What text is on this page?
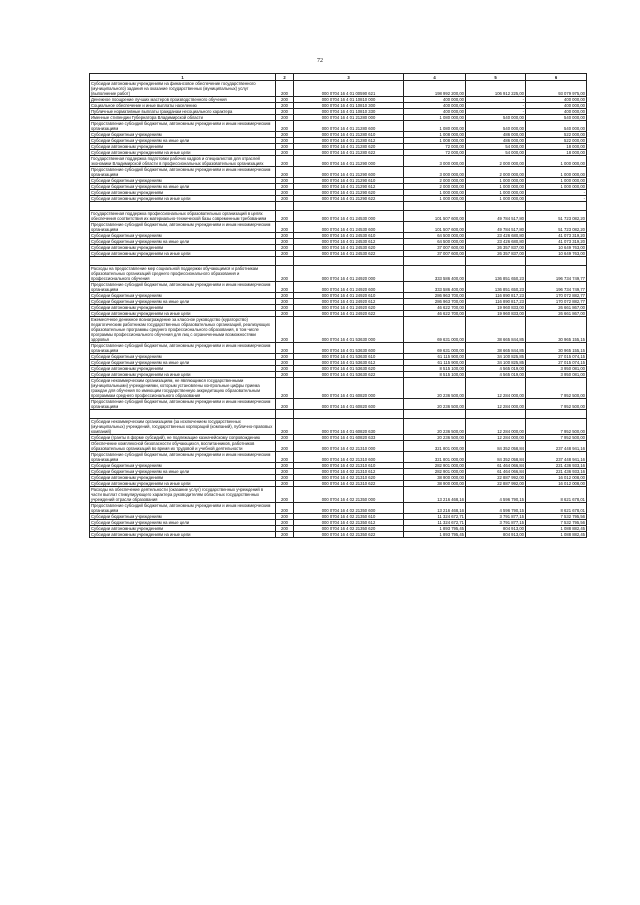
72
1	2	3	4	5	6
Субсидии автономным учреждениям на финансовое обеспечение государственного (муниципального) задания на оказание государственных (муниципальных) услуг (выполнение работ)	200	000 0704 16 4 01 00590 621	198 992 200,00	106 912 225,00	93 079 975,00
Денежное поощрение лучших мастеров производственного обучения	200	000 0704 16 4 01 10810 000	400 000,00	-	400 000,00
Социальное обеспечение и иные выплаты населению	200	000 0704 16 4 01 10810 300	400 000,00	-	400 000,00
Публичные нормативные выплаты гражданам несоциального характера	200	000 0704 16 4 01 10810 330	400 000,00	-	400 000,00
Именные стипендии Губернатора Владимирской области	200	000 0704 16 4 01 21280 000	1 080 000,00	540 000,00	540 000,00
Предоставление субсидий бюджетным, автономным учреждениям и иным некоммерческим организациям	200	000 0704 16 4 01 21280 600	1 080 000,00	540 000,00	540 000,00
Субсидии бюджетным учреждениям	200	000 0704 16 4 01 21280 610	1 008 000,00	486 000,00	522 000,00
Субсидии бюджетным учреждениям на иные цели	200	000 0704 16 4 01 21280 612	1 008 000,00	486 000,00	522 000,00
Субсидии автономным учреждениям	200	000 0704 16 4 01 21280 620	72 000,00	54 000,00	18 000,00
Субсидии автономным учреждениям на иные цели	200	000 0704 16 4 01 21280 622	72 000,00	54 000,00	18 000,00
Государственная поддержка подготовки рабочих кадров и специалистов для отраслей экономики Владимирской области в профессиональных образовательных организациях	200	000 0704 16 4 01 21290 000	3 000 000,00	2 000 000,00	1 000 000,00
Предоставление субсидий бюджетным, автономным учреждениям и иным некоммерческим организациям	200	000 0704 16 4 01 21290 600	3 000 000,00	2 000 000,00	1 000 000,00
Субсидии бюджетным учреждениям	200	000 0704 16 4 01 21290 610	2 000 000,00	1 000 000,00	1 000 000,00
Субсидии бюджетным учреждениям на иные цели	200	000 0704 16 4 01 21290 612	2 000 000,00	1 000 000,00	1 000 000,00
Субсидии автономным учреждениям	200	000 0704 16 4 01 21290 620	1 000 000,00	1 000 000,00	-
Субсидии автономным учреждениям на иные цели	200	000 0704 16 4 01 21290 622	1 000 000,00	1 000 000,00	-

Государственная поддержка профессиональных образовательных организаций в целях обеспечения соответствия их материально-технической базы современным требованиям	200	000 0704 16 4 01 24530 000	101 507 600,00	49 784 517,80	51 723 082,20
Предоставление субсидий бюджетным, автономным учреждениям и иным некоммерческим организациям	200	000 0704 16 4 01 24530 600	101 507 600,00	49 784 517,80	51 723 082,20
Субсидии бюджетным учреждениям	200	000 0704 16 4 01 24530 610	64 500 000,00	23 426 680,80	41 073 319,20
Субсидии бюджетным учреждениям на иные цели	200	000 0704 16 4 01 24530 612	64 500 000,00	23 426 680,80	41 073 319,20
Субсидии автономным учреждениям	200	000 0704 16 4 01 24530 620	37 007 600,00	26 357 837,00	10 649 763,00
Субсидии автономным учреждениям на иные цели	200	000 0704 16 4 01 24530 622	37 007 600,00	26 357 837,00	10 649 763,00

Расходы на предоставление мер социальной поддержки обучающимся и работникам образовательных организаций среднего профессионального образования и профессионального обучения	200	000 0704 16 4 01 24920 000	333 586 400,00	136 851 650,23	196 734 749,77
Предоставление субсидий бюджетным, автономным учреждениям и иным некоммерческим организациям	200	000 0704 16 4 01 24920 600	333 586 400,00	136 851 650,23	196 734 749,77
Субсидии бюджетным учреждениям	200	000 0704 16 4 01 24920 610	286 963 700,00	116 890 817,23	170 072 882,77
Субсидии бюджетным учреждениям на иные цели	200	000 0704 16 4 01 24920 612	286 963 700,00	116 890 817,23	170 072 882,77
Субсидии автономным учреждениям	200	000 0704 16 4 01 24920 620	46 622 700,00	19 960 833,00	26 661 867,00
Субсидии автономным учреждениям на иные цели	200	000 0704 16 4 01 24920 622	46 622 700,00	19 960 833,00	26 661 867,00
Ежемесячное денежное вознаграждение за классное руководство (кураторство) педагогическим работникам государственных образовательных организаций, реализующих образовательные программы среднего профессионального образования, в том числе программы профессионального обучения для лиц с ограниченными возможностями здоровья	200	000 0704 16 4 01 53630 000	69 631 000,00	38 665 844,85	30 965 155,15
Предоставление субсидий бюджетным, автономным учреждениям и иным некоммерческим организациям	200	000 0704 16 4 01 53630 600	69 631 000,00	38 665 844,85	30 965 155,15
Субсидии бюджетным учреждениям	200	000 0704 16 4 01 53630 610	61 115 900,00	34 100 825,85	27 015 074,15
Субсидии бюджетным учреждениям на иные цели	200	000 0704 16 4 01 53630 612	61 115 900,00	34 100 825,85	27 015 074,15
Субсидии автономным учреждениям	200	000 0704 16 4 01 53630 620	8 515 100,00	4 565 019,00	3 950 081,00
Субсидии автономным учреждениям на иные цели	200	000 0704 16 4 01 53630 622	8 515 100,00	4 565 019,00	3 950 081,00
Субсидии некоммерческим организациям, не являющимся государственными (муниципальными) учреждениями, которым установлены контрольные цифры приема граждан для обучения по имеющим государственную аккредитацию образовательным программам среднего профессионального образования	200	000 0704 16 4 01 60820 000	20 236 500,00	12 284 000,00	7 952 500,00
Предоставление субсидий бюджетным, автономным учреждениям и иным некоммерческим организациям	200	000 0704 16 4 01 60820 600	20 236 500,00	12 284 000,00	7 952 500,00

Субсидии некоммерческим организациям (за исключением государственных (муниципальных) учреждений, государственных корпораций (компаний), публично-правовых компаний)	200	000 0704 16 4 01 60820 630	20 236 500,00	12 284 000,00	7 952 500,00
Субсидии (гранты в форме субсидий), не подлежащие казначейскому сопровождению	200	000 0704 16 4 01 60820 633	20 236 500,00	12 284 000,00	7 952 500,00
Обеспечение комплексной безопасности обучающихся, воспитанников, работников образовательных организаций во время их трудовой и учебной деятельности	200	000 0704 16 4 02 21310 000	321 801 000,00	84 352 058,84	237 448 941,16
Предоставление субсидий бюджетным, автономным учреждениям и иным некоммерческим организациям	200	000 0704 16 4 02 21310 600	321 801 000,00	84 352 058,84	237 448 941,16
Субсидии бюджетным учреждениям	200	000 0704 16 4 02 21310 610	282 901 000,00	61 464 066,84	221 436 933,16
Субсидии бюджетным учреждениям на иные цели	200	000 0704 16 4 02 21310 612	282 901 000,00	61 464 066,84	221 436 933,16
Субсидии автономным учреждениям	200	000 0704 16 4 02 21310 620	38 900 000,00	22 887 992,00	16 012 008,00
Субсидии автономным учреждениям на иные цели	200	000 0704 16 4 02 21310 622	38 900 000,00	22 887 992,00	16 012 008,00
Расходы на обеспечение деятельности (оказание услуг) государственных учреждений в части выплат стимулирующего характера руководителям областных государственных учреждений отрасли образования	200	000 0704 16 4 02 21350 000	13 216 468,16	4 596 790,15	8 621 678,01
Предоставление субсидий бюджетным, автономным учреждениям и иным некоммерческим организациям	200	000 0704 16 4 02 21350 600	13 216 468,16	4 596 790,15	8 621 678,01
Субсидии бюджетным учреждениям	200	000 0704 16 4 02 21350 610	11 324 672,71	3 791 877,15	7 532 795,56
Субсидии бюджетным учреждениям на иные цели	200	000 0704 16 4 02 21350 612	11 324 672,71	3 791 877,15	7 532 795,56
Субсидии автономным учреждениям	200	000 0704 16 4 02 21350 620	1 893 795,45	804 913,00	1 088 882,45
Субсидии автономным учреждениям на иные цели	200	000 0704 16 4 02 21350 622	1 893 795,45	804 913,00	1 088 882,45
